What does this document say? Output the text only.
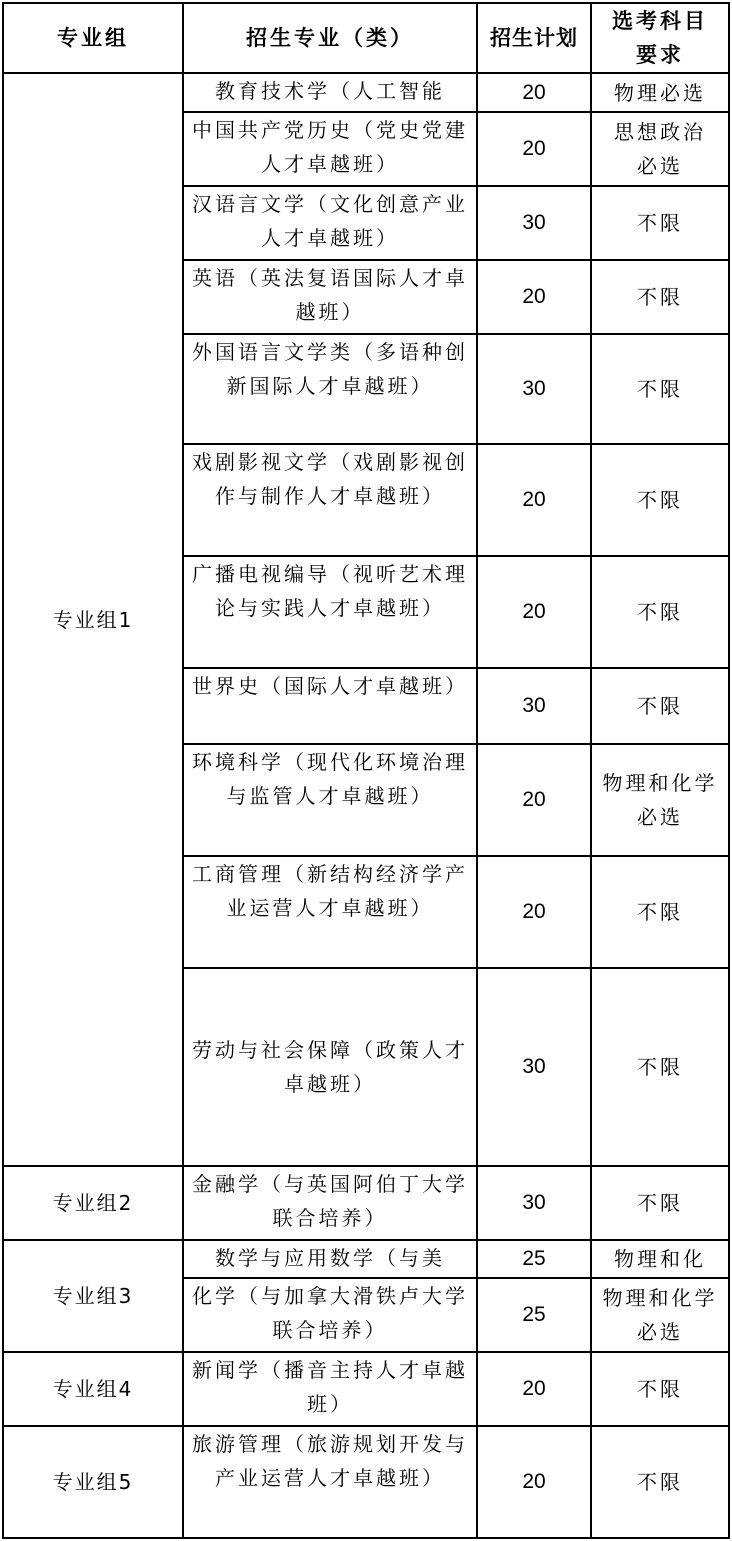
专业组	招生专业（类）	招生计划	选考科目要求
专业组1	教育技术学（人工智能	20	物理必选
	中国共产党历史（党史党建人才卓越班）	20	思想政治必选
	汉语言文学（文化创意产业人才卓越班）	30	不限
	英语（英法复语国际人才卓越班）	20	不限
	外国语言文学类（多语种创新国际人才卓越班）	30	不限
	戏剧影视文学（戏剧影视创作与制作人才卓越班）	20	不限
	广播电视编导（视听艺术理论与实践人才卓越班）	20	不限
	世界史（国际人才卓越班）	30	不限
	环境科学（现代化环境治理与监管人才卓越班）	20	物理和化学必选
	工商管理（新结构经济学产业运营人才卓越班）	20	不限
	劳动与社会保障（政策人才卓越班）	30	不限
专业组2	金融学（与英国阿伯丁大学联合培养）	30	不限
专业组3	数学与应用数学（与美	25	物理和化
	化学（与加拿大滑铁卢大学联合培养）	25	物理和化学必选
专业组4	新闻学（播音主持人才卓越班）	20	不限
专业组5	旅游管理（旅游规划开发与产业运营人才卓越班）	20	不限
